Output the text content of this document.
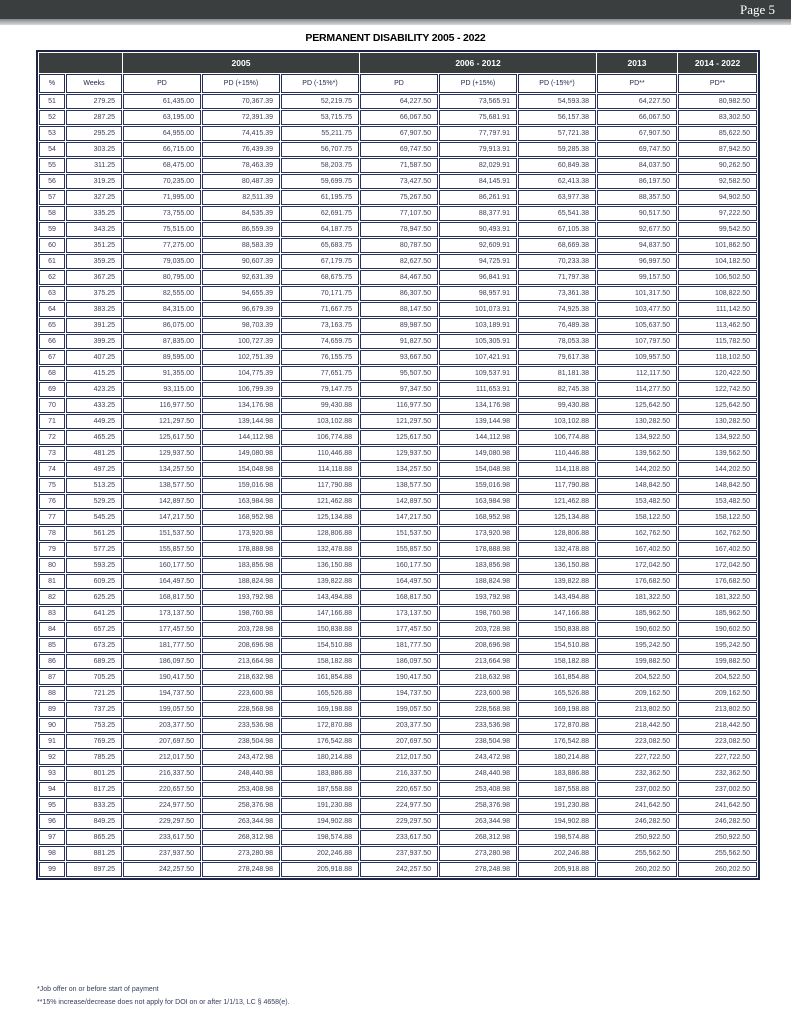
Page 5
PERMANENT DISABILITY 2005 - 2022
		2005			2006 - 2012			2013	2014 - 2022
%	Weeks	PD	PD (+15%)	PD (-15%*)	PD	PD (+15%)	PD (-15%*)	PD**	PD**
51	279.25	61,435.00	70,367.39	52,219.75	64,227.50	73,565.91	54,593.38	64,227.50	80,982.50
52	287.25	63,195.00	72,391.39	53,715.75	66,067.50	75,681.91	56,157.38	66,067.50	83,302.50
53	295.25	64,955.00	74,415.39	55,211.75	67,907.50	77,797.91	57,721.38	67,907.50	85,622.50
54	303.25	66,715.00	76,439.39	56,707.75	69,747.50	79,913.91	59,285.38	69,747.50	87,942.50
55	311.25	68,475.00	78,463.39	58,203.75	71,587.50	82,029.91	60,849.38	84,037.50	90,262.50
56	319.25	70,235.00	80,487.39	59,699.75	73,427.50	84,145.91	62,413.38	86,197.50	92,582.50
57	327.25	71,995.00	82,511.39	61,195.75	75,267.50	86,261.91	63,977.38	88,357.50	94,902.50
58	335.25	73,755.00	84,535.39	62,691.75	77,107.50	88,377.91	65,541.38	90,517.50	97,222.50
59	343.25	75,515.00	86,559.39	64,187.75	78,947.50	90,493.91	67,105.38	92,677.50	99,542.50
60	351.25	77,275.00	88,583.39	65,683.75	80,787.50	92,609.91	68,669.38	94,837.50	101,862.50
61	359.25	79,035.00	90,607.39	67,179.75	82,627.50	94,725.91	70,233.38	96,997.50	104,182.50
62	367.25	80,795.00	92,631.39	68,675.75	84,467.50	96,841.91	71,797.38	99,157.50	106,502.50
63	375.25	82,555.00	94,655.39	70,171.75	86,307.50	98,957.91	73,361.38	101,317.50	108,822.50
64	383.25	84,315.00	96,679.39	71,667.75	88,147.50	101,073.91	74,925.38	103,477.50	111,142.50
65	391.25	86,075.00	98,703.39	73,163.75	89,987.50	103,189.91	76,489.38	105,637.50	113,462.50
66	399.25	87,835.00	100,727.39	74,659.75	91,827.50	105,305.91	78,053.38	107,797.50	115,782.50
67	407.25	89,595.00	102,751.39	76,155.75	93,667.50	107,421.91	79,617.38	109,957.50	118,102.50
68	415.25	91,355.00	104,775.39	77,651.75	95,507.50	109,537.91	81,181.38	112,117.50	120,422.50
69	423.25	93,115.00	106,799.39	79,147.75	97,347.50	111,653.91	82,745.38	114,277.50	122,742.50
70	433.25	116,977.50	134,176.98	99,430.88	116,977.50	134,176.98	99,430.88	125,642.50	125,642.50
71	449.25	121,297.50	139,144.98	103,102.88	121,297.50	139,144.98	103,102.88	130,282.50	130,282.50
72	465.25	125,617.50	144,112.98	106,774.88	125,617.50	144,112.98	106,774.88	134,922.50	134,922.50
73	481.25	129,937.50	149,080.98	110,446.88	129,937.50	149,080.98	110,446.88	139,562.50	139,562.50
74	497.25	134,257.50	154,048.98	114,118.88	134,257.50	154,048.98	114,118.88	144,202.50	144,202.50
75	513.25	138,577.50	159,016.98	117,790.88	138,577.50	159,016.98	117,790.88	148,842.50	148,842.50
76	529.25	142,897.50	163,984.98	121,462.88	142,897.50	163,984.98	121,462.88	153,482.50	153,482.50
77	545.25	147,217.50	168,952.98	125,134.88	147,217.50	168,952.98	125,134.88	158,122.50	158,122.50
78	561.25	151,537.50	173,920.98	128,806.88	151,537.50	173,920.98	128,806.88	162,762.50	162,762.50
79	577.25	155,857.50	178,888.98	132,478.88	155,857.50	178,888.98	132,478.88	167,402.50	167,402.50
80	593.25	160,177.50	183,856.98	136,150.88	160,177.50	183,856.98	136,150.88	172,042.50	172,042.50
81	609.25	164,497.50	188,824.98	139,822.88	164,497.50	188,824.98	139,822.88	176,682.50	176,682.50
82	625.25	168,817.50	193,792.98	143,494.88	168,817.50	193,792.98	143,494.88	181,322.50	181,322.50
83	641.25	173,137.50	198,760.98	147,166.88	173,137.50	198,760.98	147,166.88	185,962.50	185,962.50
84	657.25	177,457.50	203,728.98	150,838.88	177,457.50	203,728.98	150,838.88	190,602.50	190,602.50
85	673.25	181,777.50	208,696.98	154,510.88	181,777.50	208,696.98	154,510.88	195,242.50	195,242.50
86	689.25	186,097.50	213,664.98	158,182.88	186,097.50	213,664.98	158,182.88	199,882.50	199,882.50
87	705.25	190,417.50	218,632.98	161,854.88	190,417.50	218,632.98	161,854.88	204,522.50	204,522.50
88	721.25	194,737.50	223,600.98	165,526.88	194,737.50	223,600.98	165,526.88	209,162.50	209,162.50
89	737.25	199,057.50	228,568.98	169,198.88	199,057.50	228,568.98	169,198.88	213,802.50	213,802.50
90	753.25	203,377.50	233,536.98	172,870.88	203,377.50	233,536.98	172,870.88	218,442.50	218,442.50
91	769.25	207,697.50	238,504.98	176,542.88	207,697.50	238,504.98	176,542.88	223,082.50	223,082.50
92	785.25	212,017.50	243,472.98	180,214.88	212,017.50	243,472.98	180,214.88	227,722.50	227,722.50
93	801.25	216,337.50	248,440.98	183,886.88	216,337.50	248,440.98	183,886.88	232,362.50	232,362.50
94	817.25	220,657.50	253,408.98	187,558.88	220,657.50	253,408.98	187,558.88	237,002.50	237,002.50
95	833.25	224,977.50	258,376.98	191,230.88	224,977.50	258,376.98	191,230.88	241,642.50	241,642.50
96	849.25	229,297.50	263,344.98	194,902.88	229,297.50	263,344.98	194,902.88	246,282.50	246,282.50
97	865.25	233,617.50	268,312.98	198,574.88	233,617.50	268,312.98	198,574.88	250,922.50	250,922.50
98	881.25	237,937.50	273,280.98	202,246.88	237,937.50	273,280.98	202,246.88	255,562.50	255,562.50
99	897.25	242,257.50	278,248.98	205,918.88	242,257.50	278,248.98	205,918.88	260,202.50	260,202.50
*Job offer on or before start of payment
**15% increase/decrease does not apply for DOI on or after 1/1/13, LC § 4658(e).
